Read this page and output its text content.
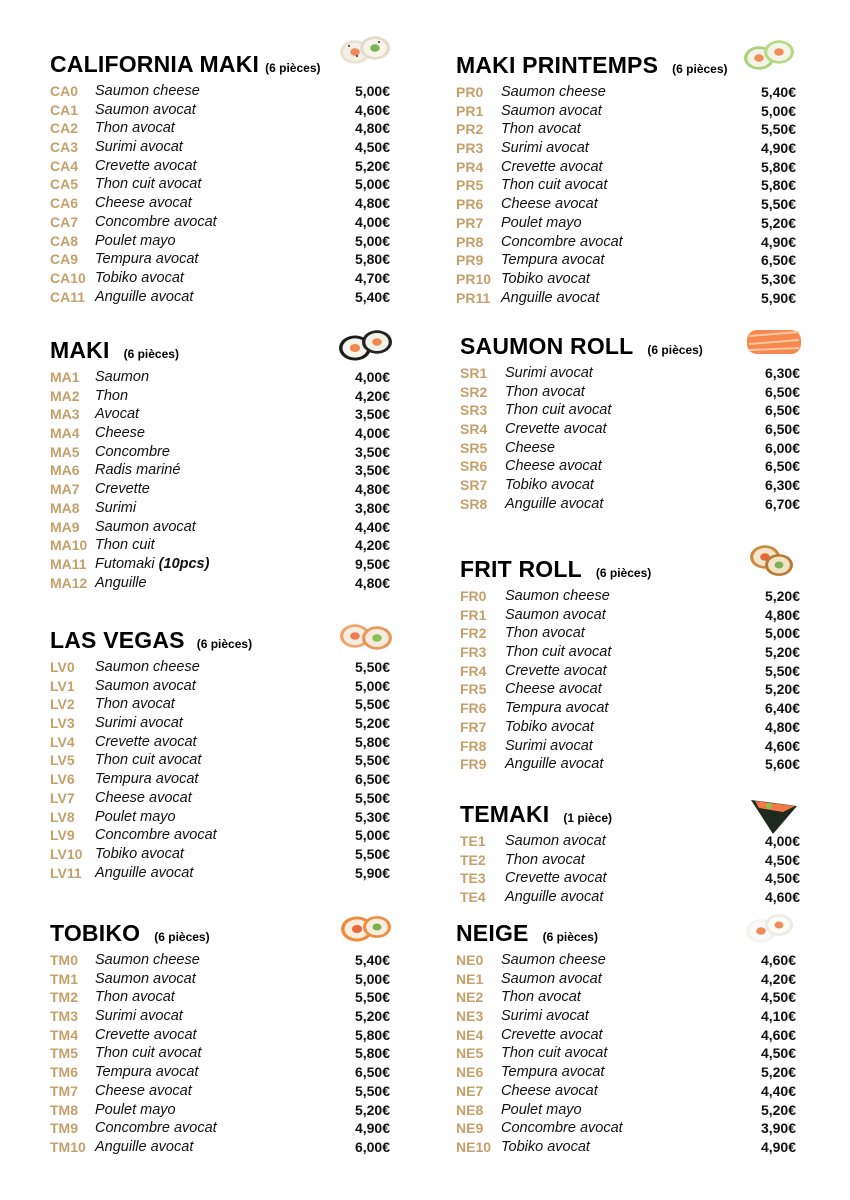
CALIFORNIA MAKI (6 pièces)
CA0 Saumon cheese	5,00€
CA1 Saumon avocat	4,60€
CA2 Thon avocat	4,80€
CA3 Surimi avocat	4,50€
CA4 Crevette avocat	5,20€
CA5 Thon cuit avocat	5,00€
CA6 Cheese avocat	4,80€
CA7 Concombre avocat	4,00€
CA8 Poulet mayo	5,00€
CA9 Tempura avocat	5,80€
CA10 Tobiko avocat	4,70€
CA11 Anguille avocat	5,40€
MAKI (6 pièces)
MA1 Saumon	4,00€
MA2 Thon	4,20€
MA3 Avocat	3,50€
MA4 Cheese	4,00€
MA5 Concombre	3,50€
MA6 Radis mariné	3,50€
MA7 Crevette	4,80€
MA8 Surimi	3,80€
MA9 Saumon avocat	4,40€
MA10 Thon cuit	4,20€
MA11 Futomaki (10pcs)	9,50€
MA12 Anguille	4,80€
LAS VEGAS (6 pièces)
LV0 Saumon cheese	5,50€
LV1 Saumon avocat	5,00€
LV2 Thon avocat	5,50€
LV3 Surimi avocat	5,20€
LV4 Crevette avocat	5,80€
LV5 Thon cuit avocat	5,50€
LV6 Tempura avocat	6,50€
LV7 Cheese avocat	5,50€
LV8 Poulet mayo	5,30€
LV9 Concombre avocat	5,00€
LV10 Tobiko avocat	5,50€
LV11 Anguille avocat	5,90€
TOBIKO (6 pièces)
TM0 Saumon cheese	5,40€
TM1 Saumon avocat	5,00€
TM2 Thon avocat	5,50€
TM3 Surimi avocat	5,20€
TM4 Crevette avocat	5,80€
TM5 Thon cuit avocat	5,80€
TM6 Tempura avocat	6,50€
TM7 Cheese avocat	5,50€
TM8 Poulet mayo	5,20€
TM9 Concombre avocat	4,90€
TM10 Anguille avocat	6,00€
MAKI PRINTEMPS (6 pièces)
PR0 Saumon cheese	5,40€
PR1 Saumon avocat	5,00€
PR2 Thon avocat	5,50€
PR3 Surimi avocat	4,90€
PR4 Crevette avocat	5,80€
PR5 Thon cuit avocat	5,80€
PR6 Cheese avocat	5,50€
PR7 Poulet mayo	5,20€
PR8 Concombre avocat	4,90€
PR9 Tempura avocat	6,50€
PR10 Tobiko avocat	5,30€
PR11 Anguille avocat	5,90€
SAUMON ROLL (6 pièces)
SR1 Surimi avocat	6,30€
SR2 Thon avocat	6,50€
SR3 Thon cuit avocat	6,50€
SR4 Crevette avocat	6,50€
SR5 Cheese	6,00€
SR6 Cheese avocat	6,50€
SR7 Tobiko avocat	6,30€
SR8 Anguille avocat	6,70€
FRIT ROLL (6 pièces)
FR0 Saumon cheese	5,20€
FR1 Saumon avocat	4,80€
FR2 Thon avocat	5,00€
FR3 Thon cuit avocat	5,20€
FR4 Crevette avocat	5,50€
FR5 Cheese avocat	5,20€
FR6 Tempura avocat	6,40€
FR7 Tobiko avocat	4,80€
FR8 Surimi avocat	4,60€
FR9 Anguille avocat	5,60€
TEMAKI (1 pièce)
TE1 Saumon avocat	4,00€
TE2 Thon avocat	4,50€
TE3 Crevette avocat	4,50€
TE4 Anguille avocat	4,60€
NEIGE (6 pièces)
NE0 Saumon cheese	4,60€
NE1 Saumon avocat	4,20€
NE2 Thon avocat	4,50€
NE3 Surimi avocat	4,10€
NE4 Crevette avocat	4,60€
NE5 Thon cuit avocat	4,50€
NE6 Tempura avocat	5,20€
NE7 Cheese avocat	4,40€
NE8 Poulet mayo	5,20€
NE9 Concombre avocat	3,90€
NE10 Tobiko avocat	4,90€
